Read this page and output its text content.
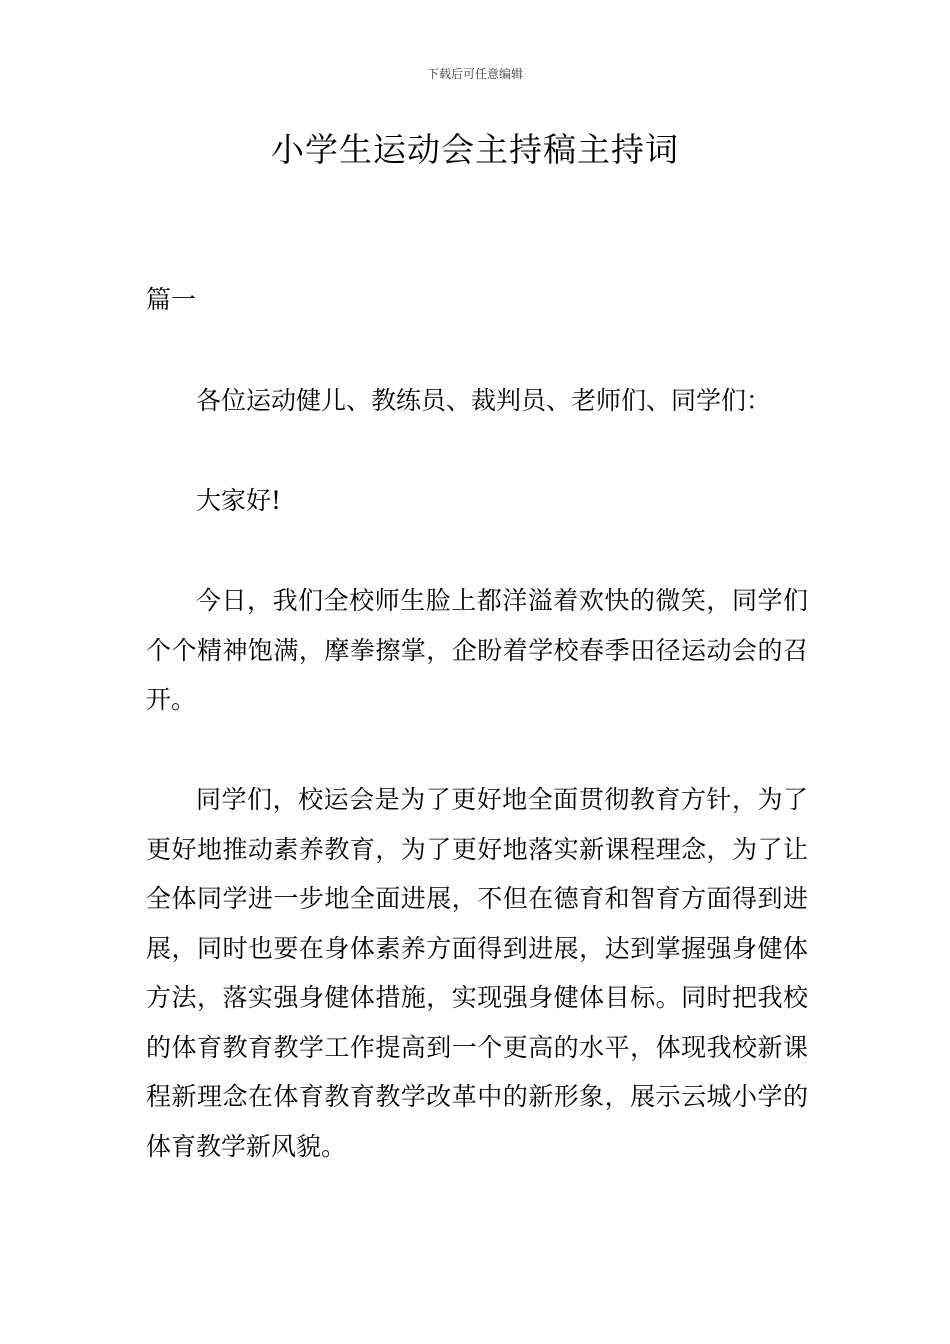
下载后可任意编辑
小学生运动会主持稿主持词

篇一

各位运动健儿、教练员、裁判员、老师们、同学们：

大家好!

今日，我们全校师生脸上都洋溢着欢快的微笑，同学们个个精神饱满，摩拳擦掌，企盼着学校春季田径运动会的召开。

同学们，校运会是为了更好地全面贯彻教育方针，为了更好地推动素养教育，为了更好地落实新课程理念，为了让全体同学进一步地全面进展，不但在德育和智育方面得到进展，同时也要在身体素养方面得到进展，达到掌握强身健体方法，落实强身健体措施，实现强身健体目标。同时把我校的体育教育教学工作提高到一个更高的水平，体现我校新课程新理念在体育教育教学改革中的新形象，展示云城小学的体育教学新风貌。
